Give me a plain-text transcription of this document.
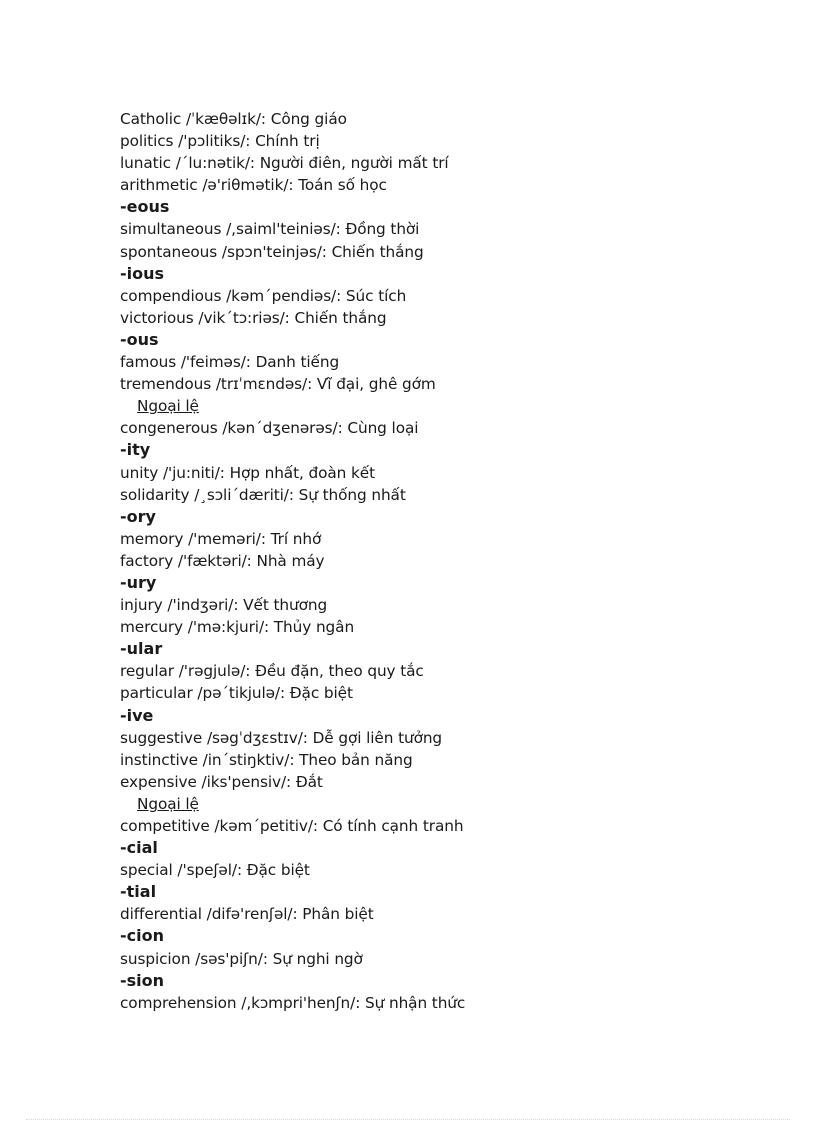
Catholic /ˈkæθəlɪk/: Công giáo
politics /'pɔlitiks/: Chính trị
lunatic /´lu:nətik/: Người điên, người mất trí
arithmetic /ə'riθmətik/: Toán số học
-eous
simultaneous /,saiml'teiniəs/: Đồng thời
spontaneous /spɔn'teinjəs/: Chiến thắng
-ious
compendious /kəm´pendiəs/: Súc tích
victorious /vik´tɔ:riəs/: Chiến thắng
-ous
famous /'feiməs/: Danh tiếng
tremendous /trɪˈmɛndəs/: Vĩ đại, ghê gớm
Ngoại lệ
congenerous /kən´dʒenərəs/: Cùng loại
-ity
unity /'ju:niti/: Hợp nhất, đoàn kết
solidarity /¸sɔli´dæriti/: Sự thống nhất
-ory
memory /'meməri/: Trí nhớ
factory /'fæktəri/: Nhà máy
-ury
injury /'indʒəri/: Vết thương
mercury /'mə:kjuri/: Thủy ngân
-ular
regular /'rəgjulə/: Đều đặn, theo quy tắc
particular /pə´tikjulə/: Đặc biệt
-ive
suggestive /səgˈdʒɛstɪv/: Dễ gợi liên tưởng
instinctive /in´stiŋktiv/: Theo bản năng
expensive /iks'pensiv/: Đắt
Ngoại lệ
competitive /kəm´petitiv/: Có tính cạnh tranh
-cial
special /'speʃəl/: Đặc biệt
-tial
differential /difə'renʃəl/: Phân biệt
-cion
suspicion /səs'piʃn/: Sự nghi ngờ
-sion
comprehension /,kɔmpri'henʃn/: Sự nhận thức
